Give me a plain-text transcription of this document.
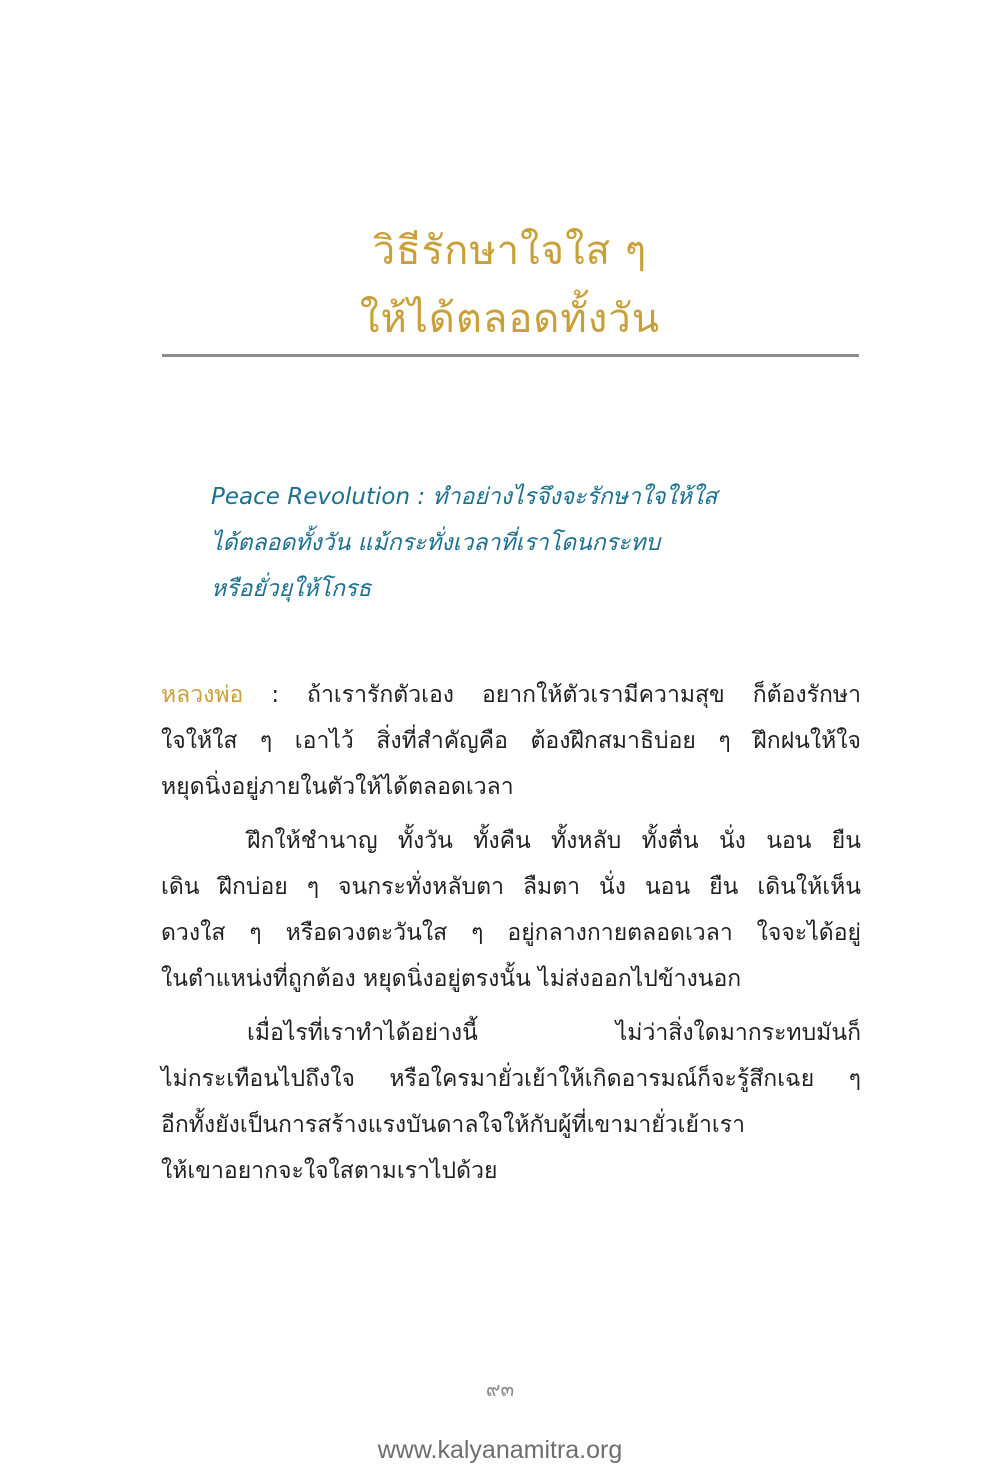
วิธีรักษาใจใส ๆ
ให้ได้ตลอดทั้งวัน
Peace Revolution : ทำอย่างไรจึงจะรักษาใจให้ใส
ได้ตลอดทั้งวัน แม้กระทั่งเวลาที่เราโดนกระทบ
หรือยั่วยุให้โกรธ
หลวงพ่อ : ถ้าเรารักตัวเอง อยากให้ตัวเรามีความสุข ก็ต้องรักษา
ใจให้ใส ๆ เอาไว้ สิ่งที่สำคัญคือ ต้องฝึกสมาธิบ่อย ๆ ฝึกฝนให้ใจ
หยุดนิ่งอยู่ภายในตัวให้ได้ตลอดเวลา
ฝึกให้ชำนาญ ทั้งวัน ทั้งคืน ทั้งหลับ ทั้งตื่น นั่ง นอน ยืน
เดิน ฝึกบ่อย ๆ จนกระทั่งหลับตา ลืมตา นั่ง นอน ยืน เดินให้เห็น
ดวงใส ๆ หรือดวงตะวันใส ๆ อยู่กลางกายตลอดเวลา ใจจะได้อยู่
ในตำแหน่งที่ถูกต้อง หยุดนิ่งอยู่ตรงนั้น ไม่ส่งออกไปข้างนอก
เมื่อไรที่เราทำได้อย่างนี้ ไม่ว่าสิ่งใดมากระทบมันก็
ไม่กระเทือนไปถึงใจ หรือใครมายั่วเย้าให้เกิดอารมณ์ก็จะรู้สึกเฉย ๆ
อีกทั้งยังเป็นการสร้างแรงบันดาลใจให้กับผู้ที่เขามายั่วเย้าเรา
ให้เขาอยากจะใจใสตามเราไปด้วย

๙๓

www.kalyanamitra.org
